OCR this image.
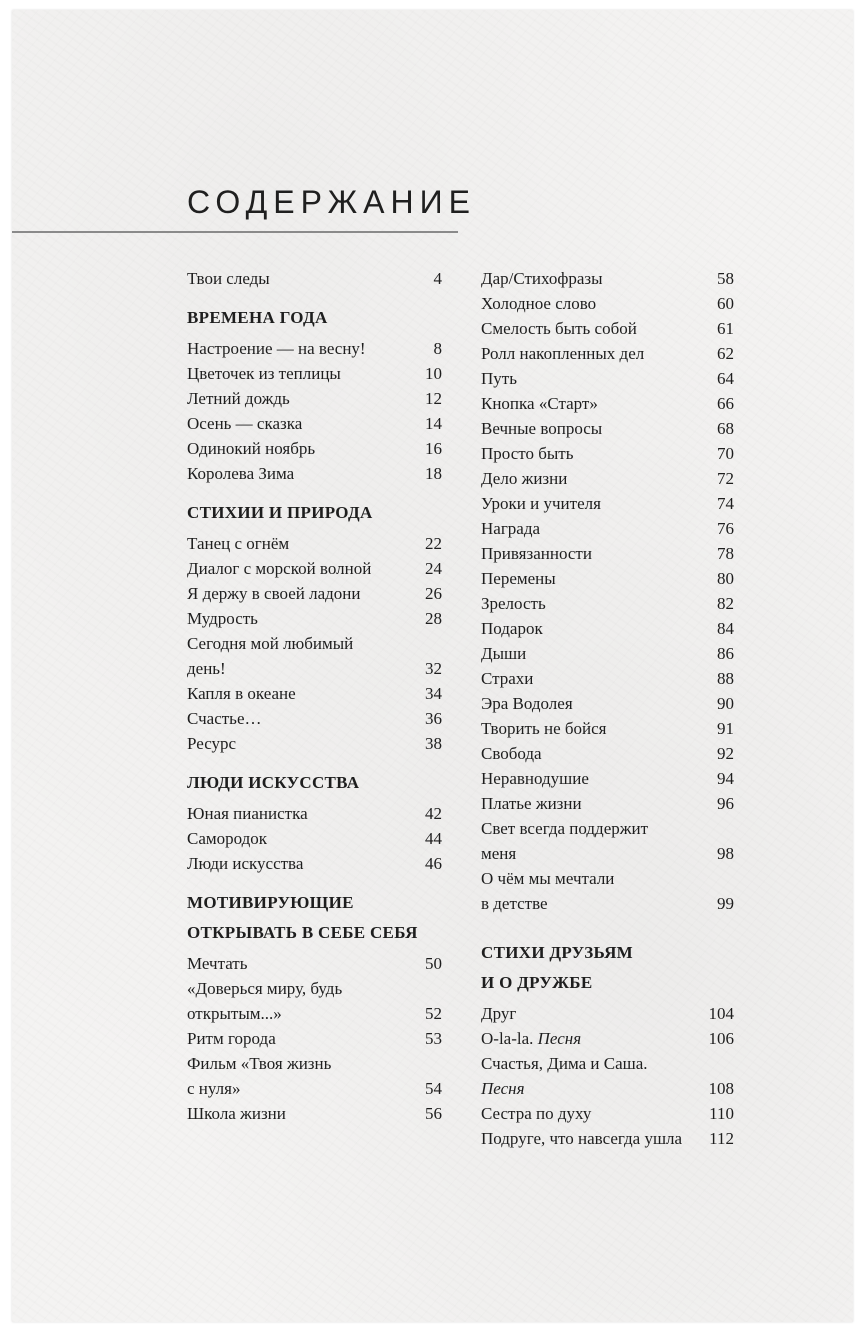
СОДЕРЖАНИЕ
Твои следы	4
ВРЕМЕНА ГОДА
Настроение — на весну!	8
Цветочек из теплицы	10
Летний дождь	12
Осень — сказка	14
Одинокий ноябрь	16
Королева Зима	18
СТИХИИ И ПРИРОДА
Танец с огнём	22
Диалог с морской волной	24
Я держу в своей ладони	26
Мудрость	28
Сегодня мой любимый
день!	32
Капля в океане	34
Счастье…	36
Ресурс	38
ЛЮДИ ИСКУССТВА
Юная пианистка	42
Самородок	44
Люди искусства	46
МОТИВИРУЮЩИЕ
ОТКРЫВАТЬ В СЕБЕ СЕБЯ
Мечтать	50
«Доверься миру, будь
открытым...»	52
Ритм города	53
Фильм «Твоя жизнь
с нуля»	54
Школа жизни	56
Дар/Стихофразы	58
Холодное слово	60
Смелость быть собой	61
Ролл накопленных дел	62
Путь	64
Кнопка «Старт»	66
Вечные вопросы	68
Просто быть	70
Дело жизни	72
Уроки и учителя	74
Награда	76
Привязанности	78
Перемены	80
Зрелость	82
Подарок	84
Дыши	86
Страхи	88
Эра Водолея	90
Творить не бойся	91
Свобода	92
Неравнодушие	94
Платье жизни	96
Свет всегда поддержит
меня	98
О чём мы мечтали
в детстве	99
СТИХИ ДРУЗЬЯМ
И О ДРУЖБЕ
Друг	104
O-la-la. Песня	106
Счастья, Дима и Саша.
Песня	108
Сестра по духу	110
Подруге, что навсегда ушла	112
